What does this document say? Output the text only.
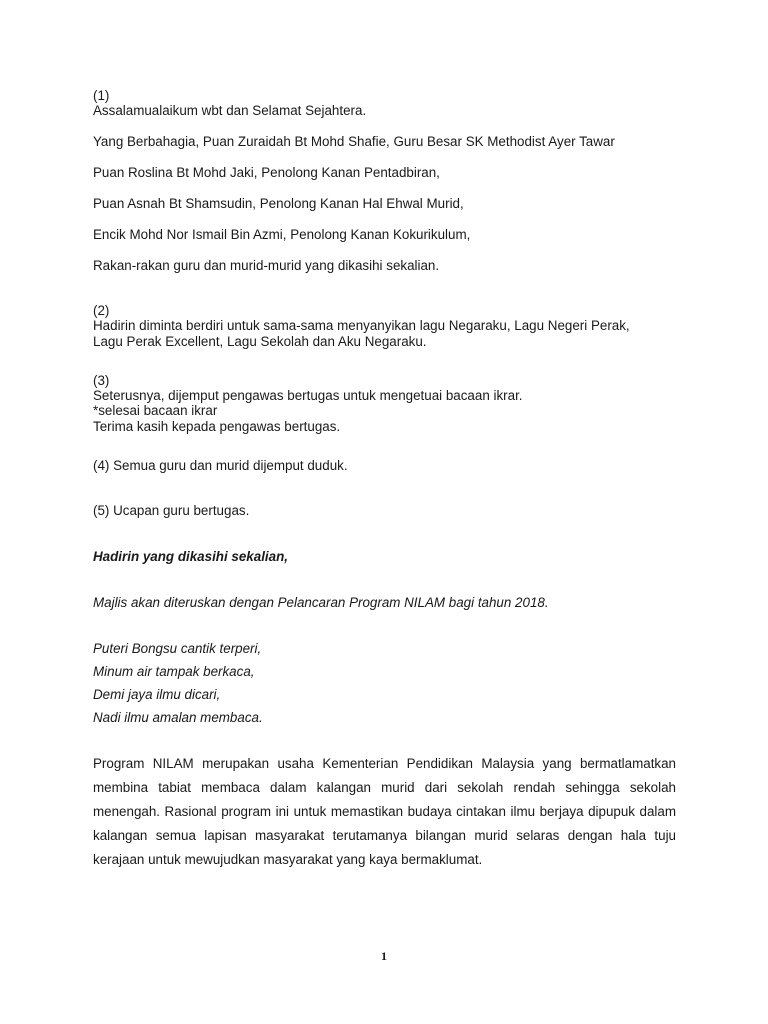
(1)

Assalamualaikum wbt dan Selamat Sejahtera.

Yang Berbahagia, Puan Zuraidah Bt Mohd Shafie, Guru Besar SK Methodist Ayer Tawar

Puan Roslina Bt Mohd Jaki, Penolong Kanan Pentadbiran,

Puan Asnah Bt Shamsudin, Penolong Kanan Hal Ehwal Murid,

Encik Mohd Nor Ismail Bin Azmi, Penolong Kanan Kokurikulum,

Rakan-rakan guru dan murid-murid yang dikasihi sekalian.

(2)

Hadirin diminta berdiri untuk sama-sama menyanyikan lagu Negaraku, Lagu Negeri Perak,

Lagu Perak Excellent, Lagu Sekolah dan Aku Negaraku.

(3)

Seterusnya, dijemput pengawas bertugas untuk mengetuai bacaan ikrar.

*selesai bacaan ikrar

Terima kasih kepada pengawas bertugas.

(4) Semua guru dan murid dijemput duduk.

(5) Ucapan guru bertugas.

Hadirin yang dikasihi sekalian,

Majlis akan diteruskan dengan Pelancaran Program NILAM bagi tahun 2018.

Puteri Bongsu cantik terperi,

Minum air tampak berkaca,

Demi jaya ilmu dicari,

Nadi ilmu amalan membaca.

Program NILAM merupakan usaha Kementerian Pendidikan Malaysia yang bermatlamatkan membina tabiat membaca dalam kalangan murid dari sekolah rendah sehingga sekolah menengah. Rasional program ini untuk memastikan budaya cintakan ilmu berjaya dipupuk dalam kalangan semua lapisan masyarakat terutamanya bilangan murid selaras dengan hala tuju kerajaan untuk mewujudkan masyarakat yang kaya bermaklumat.

1
